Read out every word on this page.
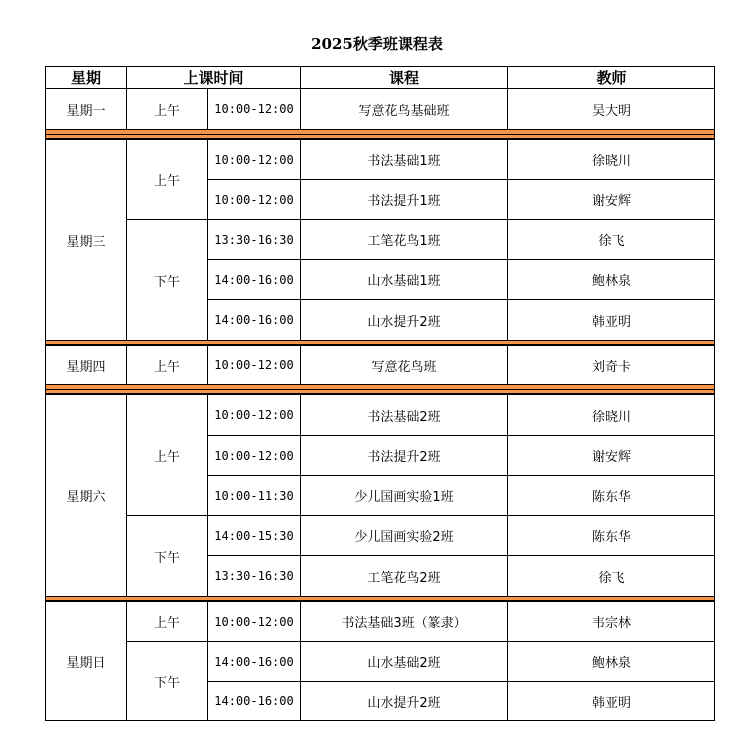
2025秋季班课程表
星期	上课时间	课程	教师
星期一	上午	10:00-12:00	写意花鸟基础班	吴大明
星期三
上午
10:00-12:00	书法基础1班	徐晓川
10:00-12:00	书法提升1班	谢安辉
下午
13:30-16:30	工笔花鸟1班	徐飞
14:00-16:00	山水基础1班	鲍林泉
14:00-16:00	山水提升2班	韩亚明
星期四	上午	10:00-12:00	写意花鸟班	刘奇卡
星期六
上午
10:00-12:00	书法基础2班	徐晓川
10:00-12:00	书法提升2班	谢安辉
10:00-11:30	少儿国画实验1班	陈东华
下午
14:00-15:30	少儿国画实验2班	陈东华
13:30-16:30	工笔花鸟2班	徐飞
星期日
上午	10:00-12:00	书法基础3班（篆隶）	韦宗林
下午
14:00-16:00	山水基础2班	鲍林泉
14:00-16:00	山水提升2班	韩亚明
